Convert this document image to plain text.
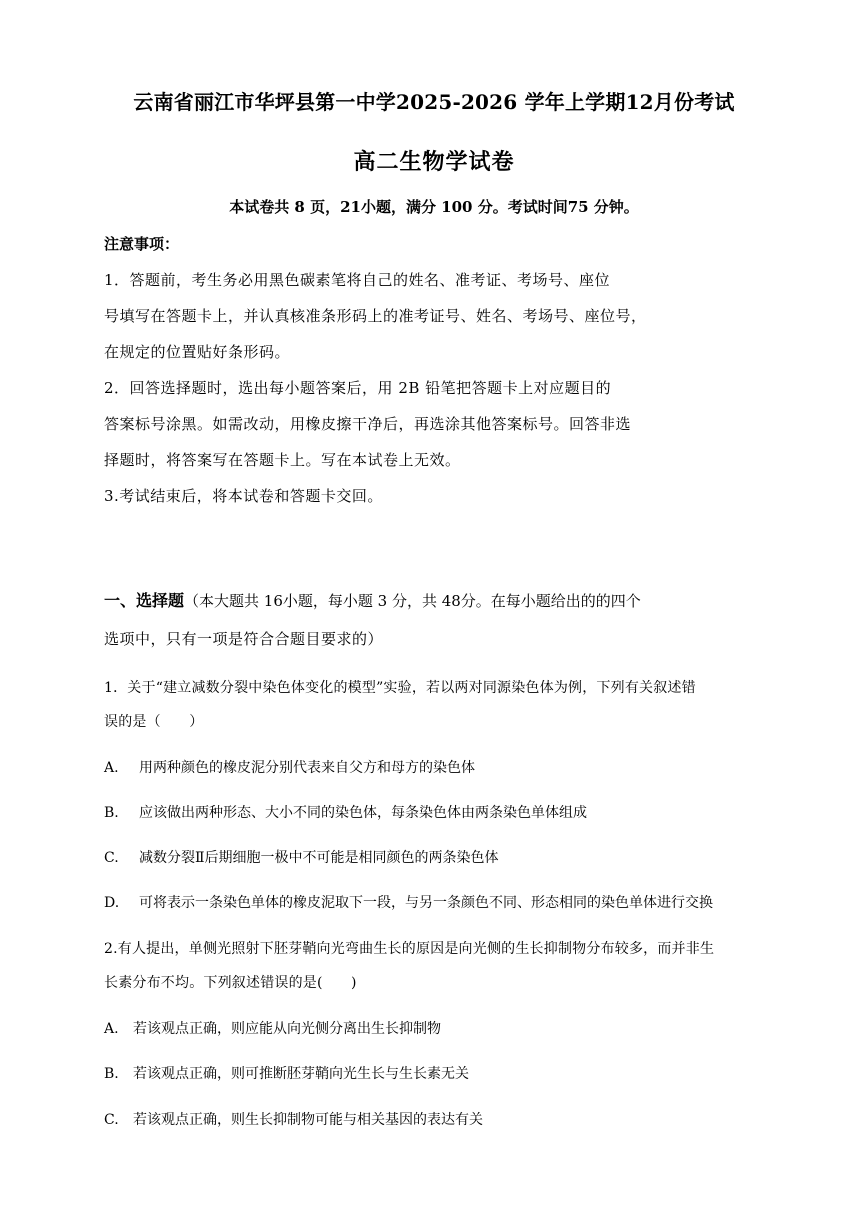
云南省丽江市华坪县第一中学2025-2026 学年上学期12月份考试
高二生物学试卷
本试卷共 8 页，21小题，满分 100 分。考试时间75 分钟。
注意事项：
1．答题前，考生务必用黑色碳素笔将自己的姓名、准考证、考场号、座位
号填写在答题卡上，并认真核准条形码上的准考证号、姓名、考场号、座位号，
在规定的位置贴好条形码。
2．回答选择题时，选出每小题答案后，用 2B 铅笔把答题卡上对应题目的
答案标号涂黑。如需改动，用橡皮擦干净后，再选涂其他答案标号。回答非选
择题时，将答案写在答题卡上。写在本试卷上无效。
3.考试结束后，将本试卷和答题卡交回。
一、选择题（本大题共 16小题，每小题 3 分，共 48分。在每小题给出的的四个
选项中，只有一项是符合合题目要求的）
1．关于“建立减数分裂中染色体变化的模型”实验，若以两对同源染色体为例，下列有关叙述错
误的是（　　）
A. 用两种颜色的橡皮泥分别代表来自父方和母方的染色体
B. 应该做出两种形态、大小不同的染色体，每条染色体由两条染色单体组成
C. 减数分裂Ⅱ后期细胞一极中不可能是相同颜色的两条染色体
D. 可将表示一条染色单体的橡皮泥取下一段，与另一条颜色不同、形态相同的染色单体进行交换
2.有人提出，单侧光照射下胚芽鞘向光弯曲生长的原因是向光侧的生长抑制物分布较多，而并非生
长素分布不均。下列叙述错误的是(　　)
A. 若该观点正确，则应能从向光侧分离出生长抑制物
B. 若该观点正确，则可推断胚芽鞘向光生长与生长素无关
C. 若该观点正确，则生长抑制物可能与相关基因的表达有关
